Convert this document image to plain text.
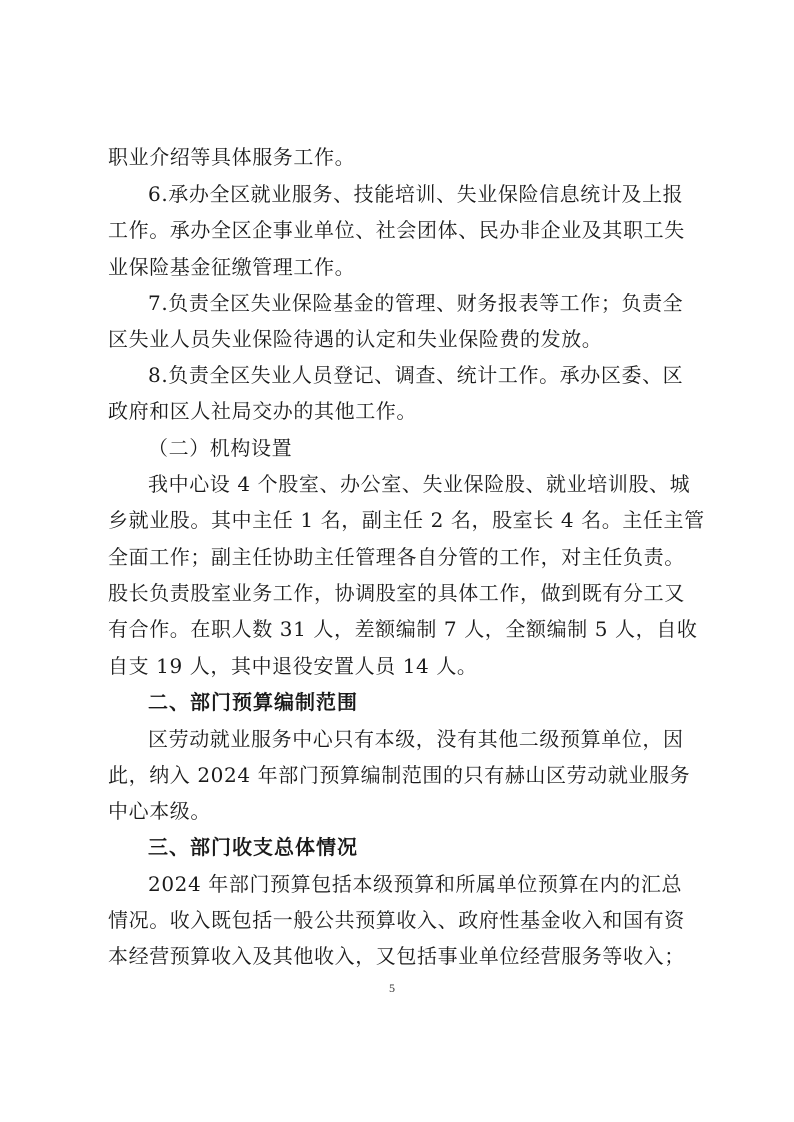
职业介绍等具体服务工作。
6.承办全区就业服务、技能培训、失业保险信息统计及上报
工作。承办全区企事业单位、社会团体、民办非企业及其职工失
业保险基金征缴管理工作。
7.负责全区失业保险基金的管理、财务报表等工作；负责全
区失业人员失业保险待遇的认定和失业保险费的发放。
8.负责全区失业人员登记、调查、统计工作。承办区委、区
政府和区人社局交办的其他工作。
（二）机构设置
我中心设 4 个股室、办公室、失业保险股、就业培训股、城
乡就业股。其中主任 1 名，副主任 2 名，股室长 4 名。主任主管
全面工作；副主任协助主任管理各自分管的工作，对主任负责。
股长负责股室业务工作，协调股室的具体工作，做到既有分工又
有合作。在职人数 31 人，差额编制 7 人，全额编制 5 人，自收
自支 19 人，其中退役安置人员 14 人。
二、部门预算编制范围
区劳动就业服务中心只有本级，没有其他二级预算单位，因
此，纳入 2024 年部门预算编制范围的只有赫山区劳动就业服务
中心本级。
三、部门收支总体情况
2024 年部门预算包括本级预算和所属单位预算在内的汇总
情况。收入既包括一般公共预算收入、政府性基金收入和国有资
本经营预算收入及其他收入，又包括事业单位经营服务等收入；
5
